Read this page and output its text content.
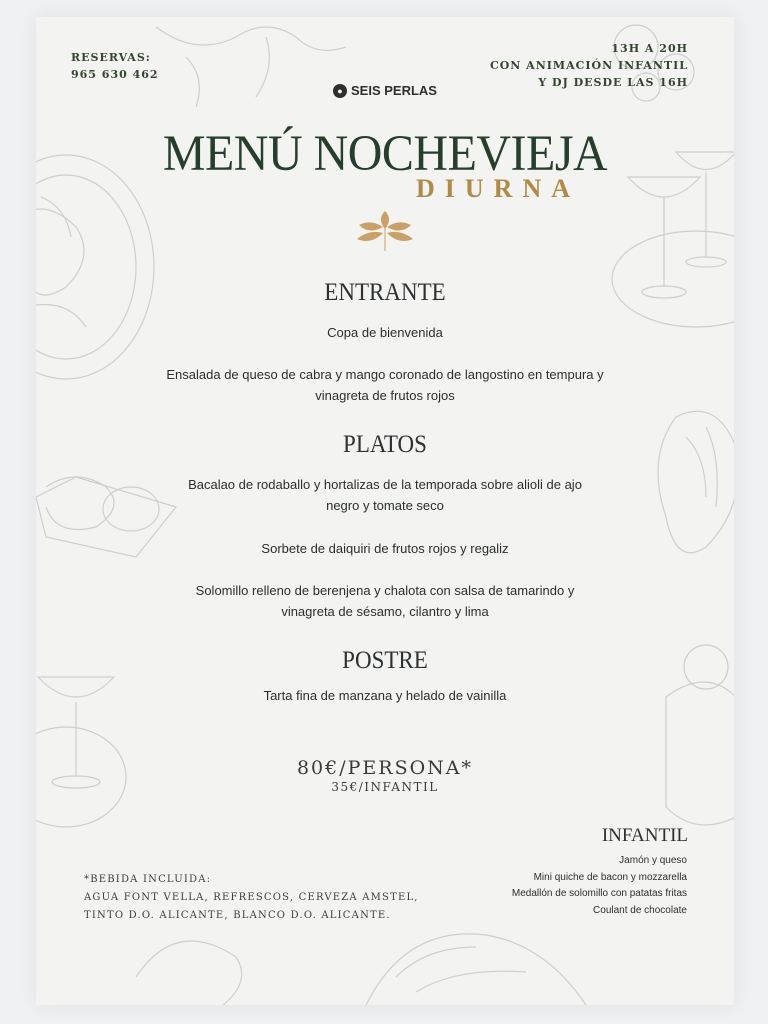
RESERVAS:
965 630 462
13H A 20H
CON ANIMACIÓN INFANTIL
Y DJ DESDE LAS 16H
● SEIS PERLAS
MENÚ NOCHEVIEJA
DIURNA
ENTRANTE
Copa de bienvenida
Ensalada de queso de cabra y mango coronado de langostino en tempura y vinagreta de frutos rojos
PLATOS
Bacalao de rodaballo y hortalizas de la temporada sobre alioli de ajo negro y tomate seco
Sorbete de daiquiri de frutos rojos y regaliz
Solomillo relleno de berenjena y chalota con salsa de tamarindo y vinagreta de sésamo, cilantro y lima
POSTRE
Tarta fina de manzana y helado de vainilla
80€/PERSONA*
35€/INFANTIL
INFANTIL
Jamón y queso
Mini quiche de bacon y mozzarella
Medallón de solomillo con patatas fritas
Coulant de chocolate
*BEBIDA INCLUIDA:
AGUA FONT VELLA, REFRESCOS, CERVEZA AMSTEL,
TINTO D.O. ALICANTE, BLANCO D.O. ALICANTE.
